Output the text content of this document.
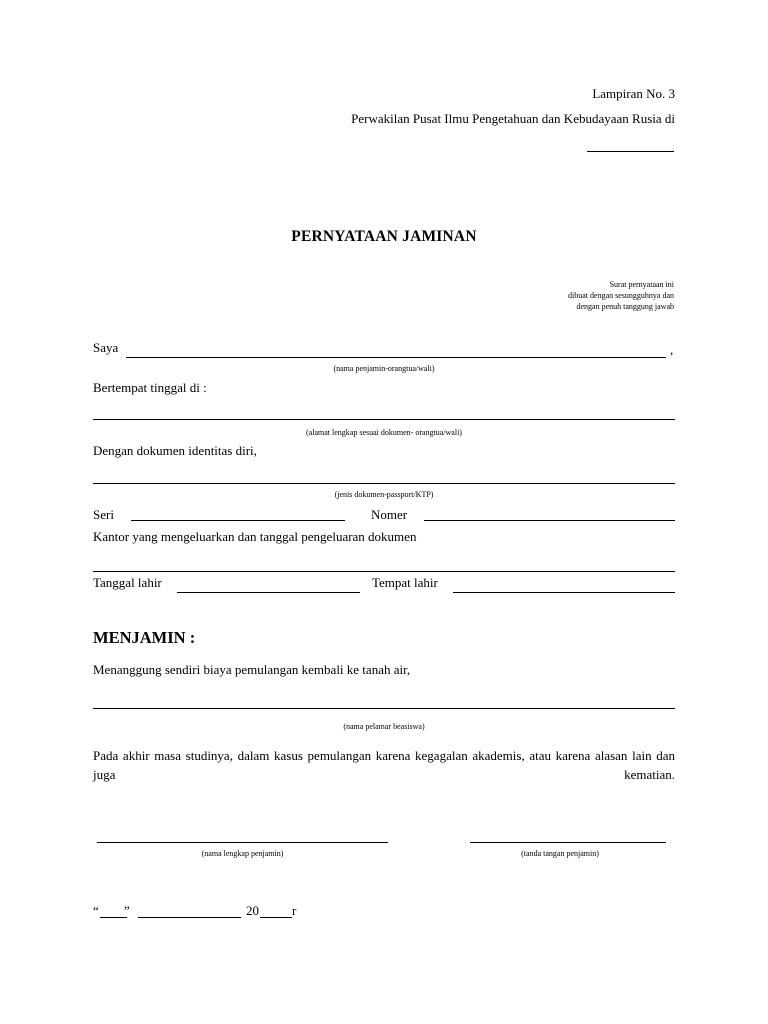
Lampiran No. 3
Perwakilan Pusat Ilmu Pengetahuan dan Kebudayaan Rusia di
PERNYATAAN JAMINAN
Surat pernyataan ini
dibuat dengan sesungguhnya dan
dengan penuh tanggung jawab
Saya	,
(nama penjamin-orangtua/wali)
Bertempat tinggal di :
(alamat lengkap sesuai dokumen- orangtua/wali)
Dengan dokumen identitas diri,
(jenis dokumen-passport/KTP)
Seri	Nomer
Kantor yang mengeluarkan dan tanggal pengeluaran dokumen
Tanggal lahir	Tempat lahir
MENJAMIN :
Menanggung sendiri biaya pemulangan kembali ke tanah air,
(nama pelamar beasiswa)
Pada akhir masa studinya, dalam kasus pemulangan karena kegagalan akademis, atau karena alasan lain dan juga kematian.
(nama lengkap penjamin)	(tanda tangan penjamin)
“ ”	20	r
